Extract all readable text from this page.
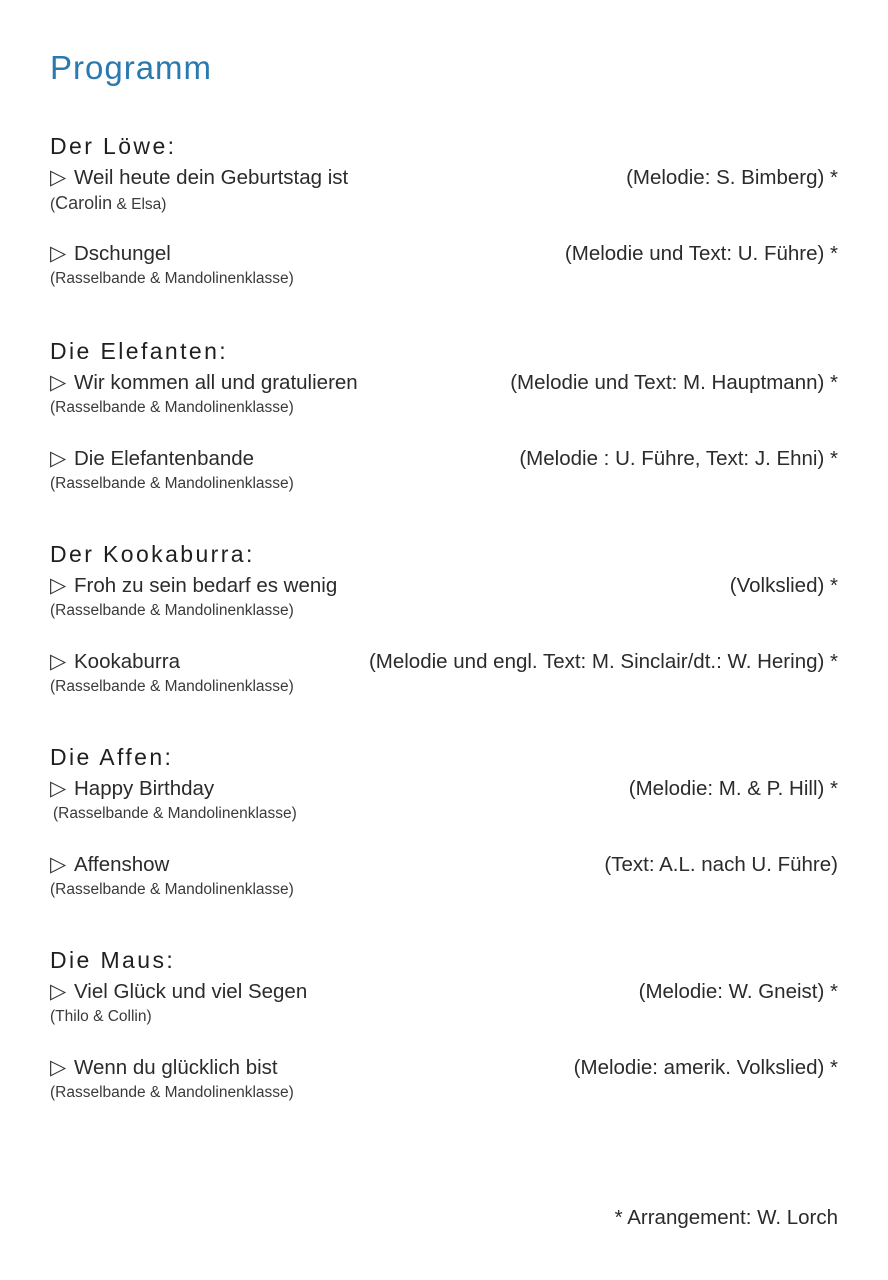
Programm
Der Löwe:
▷ Weil heute dein Geburtstag ist	(Melodie: S. Bimberg) *
(Carolin & Elsa)
▷ Dschungel	(Melodie und Text: U. Führe) *
(Rasselbande & Mandolinenklasse)
Die Elefanten:
▷ Wir kommen all und gratulieren	(Melodie und Text: M. Hauptmann) *
(Rasselbande & Mandolinenklasse)
▷ Die Elefantenbande	(Melodie : U. Führe, Text: J. Ehni) *
(Rasselbande & Mandolinenklasse)
Der Kookaburra:
▷ Froh zu sein bedarf es wenig	(Volkslied) *
(Rasselbande & Mandolinenklasse)
▷ Kookaburra	(Melodie und engl. Text: M. Sinclair/dt.: W. Hering) *
(Rasselbande & Mandolinenklasse)
Die Affen:
▷ Happy Birthday	(Melodie: M. & P. Hill) *
(Rasselbande & Mandolinenklasse)
▷ Affenshow	(Text: A.L. nach U. Führe)
(Rasselbande & Mandolinenklasse)
Die Maus:
▷ Viel Glück und viel Segen	(Melodie: W. Gneist) *
(Thilo & Collin)
▷ Wenn du glücklich bist	(Melodie: amerik. Volkslied) *
(Rasselbande & Mandolinenklasse)
* Arrangement: W. Lorch
